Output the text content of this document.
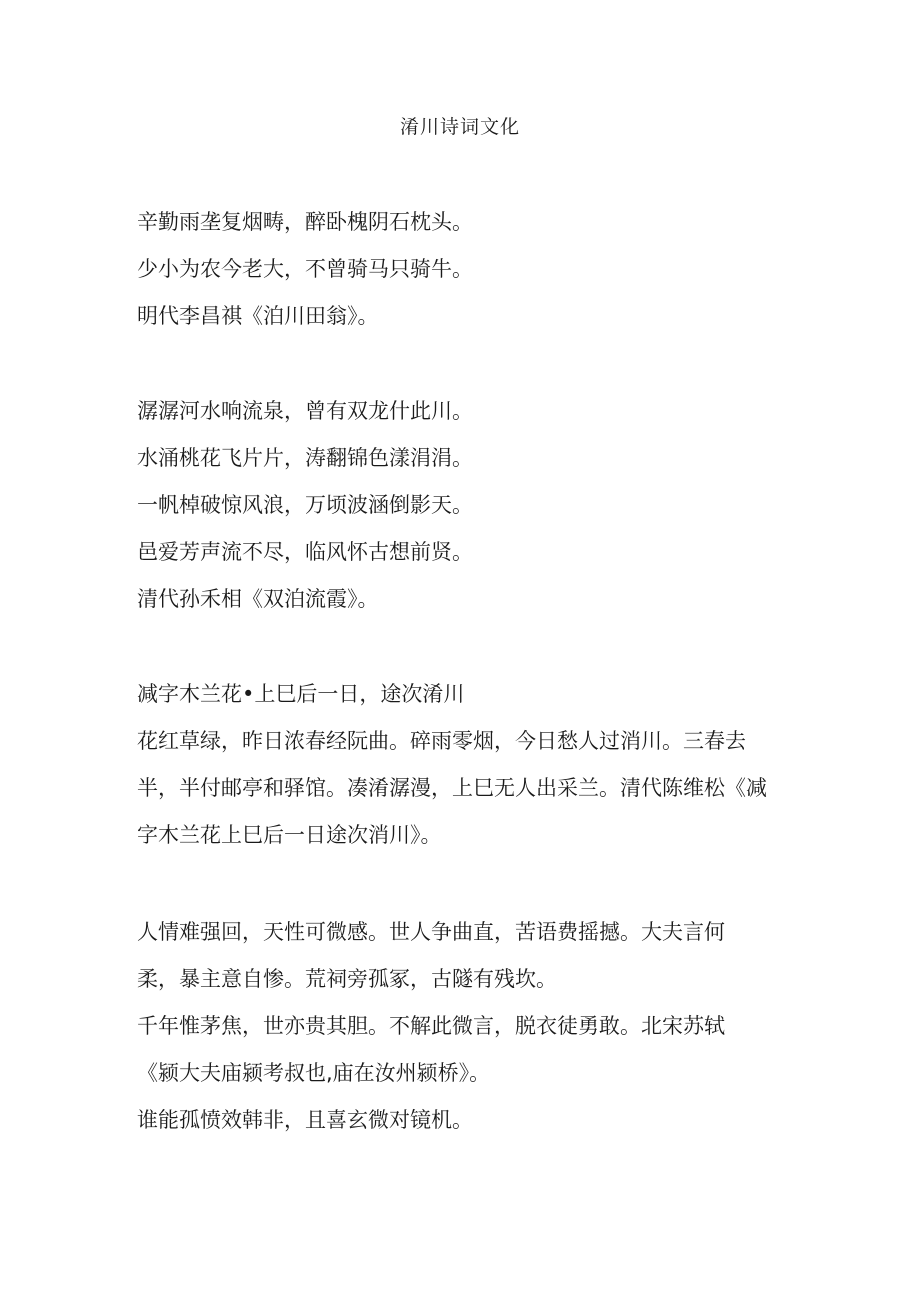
淆川诗词文化
辛勤雨垄复烟畴，醉卧槐阴石枕头。
少小为农今老大，不曾骑马只骑牛。
明代李昌祺《泊川田翁》。
潺潺河水响流泉，曾有双龙什此川。
水涌桃花飞片片，涛翻锦色漾涓涓。
一帆棹破惊风浪，万顷波涵倒影天。
邑爱芳声流不尽，临风怀古想前贤。
清代孙禾相《双泊流霞》。
减字木兰花•上巳后一日，途次淆川
花红草绿，昨日浓春经阮曲。碎雨零烟，今日愁人过消川。三春去
半，半付邮亭和驿馆。凑淆潺漫，上巳无人出采兰。清代陈维松《减
字木兰花上巳后一日途次消川》。
人情难强回，天性可微感。世人争曲直，苦语费摇撼。大夫言何
柔，暴主意自惨。荒祠旁孤冢，古隧有残坎。
千年惟茅焦，世亦贵其胆。不解此微言，脱衣徒勇敢。北宋苏轼
《颍大夫庙颍考叔也,庙在汝州颍桥》。
谁能孤愤效韩非，且喜玄微对镜机。
